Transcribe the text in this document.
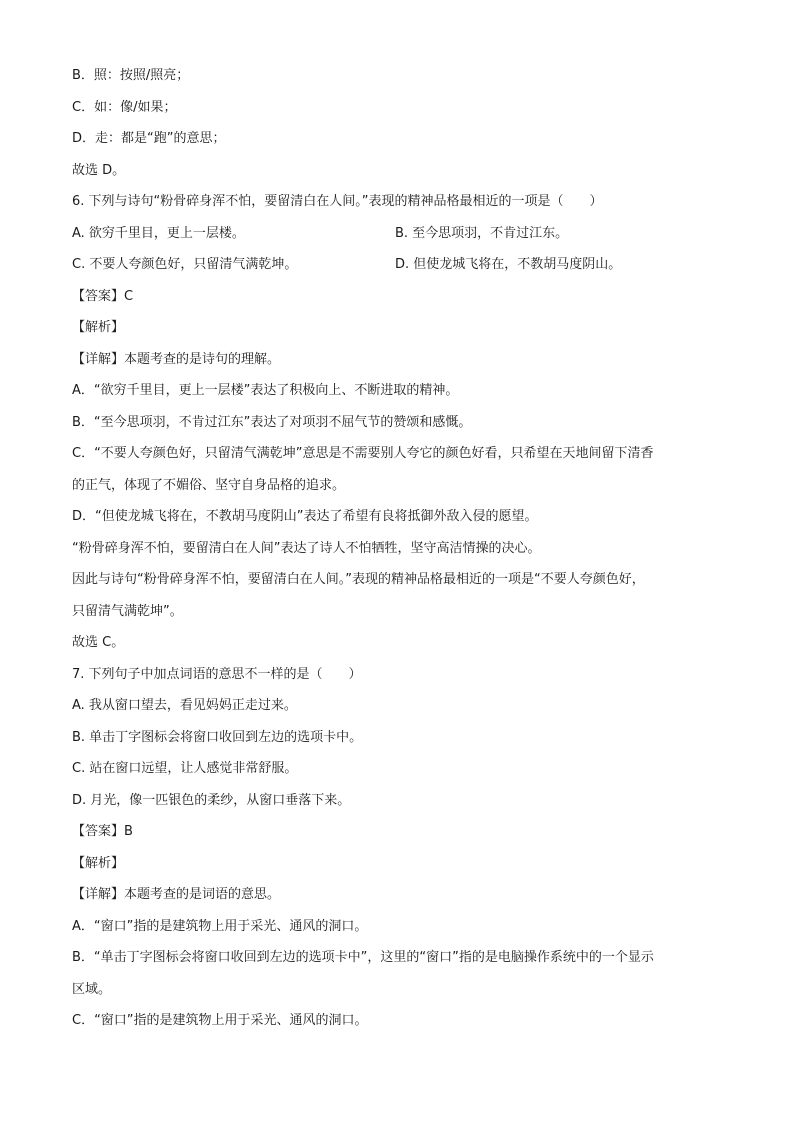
B．照：按照/照亮；
C．如：像/如果；
D．走：都是“跑”的意思；
故选 D。
6. 下列与诗句“粉骨碎身浑不怕，要留清白在人间。”表现的精神品格最相近的一项是（　　）
A. 欲穷千里目，更上一层楼。	B. 至今思项羽，不肯过江东。
C. 不要人夸颜色好，只留清气满乾坤。	D. 但使龙城飞将在，不教胡马度阴山。
【答案】C
【解析】
【详解】本题考查的是诗句的理解。
A．“欲穷千里目，更上一层楼”表达了积极向上、不断进取的精神。
B．“至今思项羽，不肯过江东”表达了对项羽不屈气节的赞颂和感慨。
C．“不要人夸颜色好，只留清气满乾坤”意思是不需要别人夸它的颜色好看，只希望在天地间留下清香
的正气，体现了不媚俗、坚守自身品格的追求。
D．“但使龙城飞将在，不教胡马度阴山”表达了希望有良将抵御外敌入侵的愿望。
“粉骨碎身浑不怕，要留清白在人间”表达了诗人不怕牺牲，坚守高洁情操的决心。
因此与诗句“粉骨碎身浑不怕，要留清白在人间。”表现的精神品格最相近的一项是“不要人夸颜色好，
只留清气满乾坤”。
故选 C。
7. 下列句子中加点词语的意思不一样的是（　　）
A. 我从窗口望去，看见妈妈正走过来。
B. 单击丁字图标会将窗口收回到左边的选项卡中。
C. 站在窗口远望，让人感觉非常舒服。
D. 月光，像一匹银色的柔纱，从窗口垂落下来。
【答案】B
【解析】
【详解】本题考查的是词语的意思。
A．“窗口”指的是建筑物上用于采光、通风的洞口。
B．“单击丁字图标会将窗口收回到左边的选项卡中”，这里的“窗口”指的是电脑操作系统中的一个显示
区域。
C．“窗口”指的是建筑物上用于采光、通风的洞口。
